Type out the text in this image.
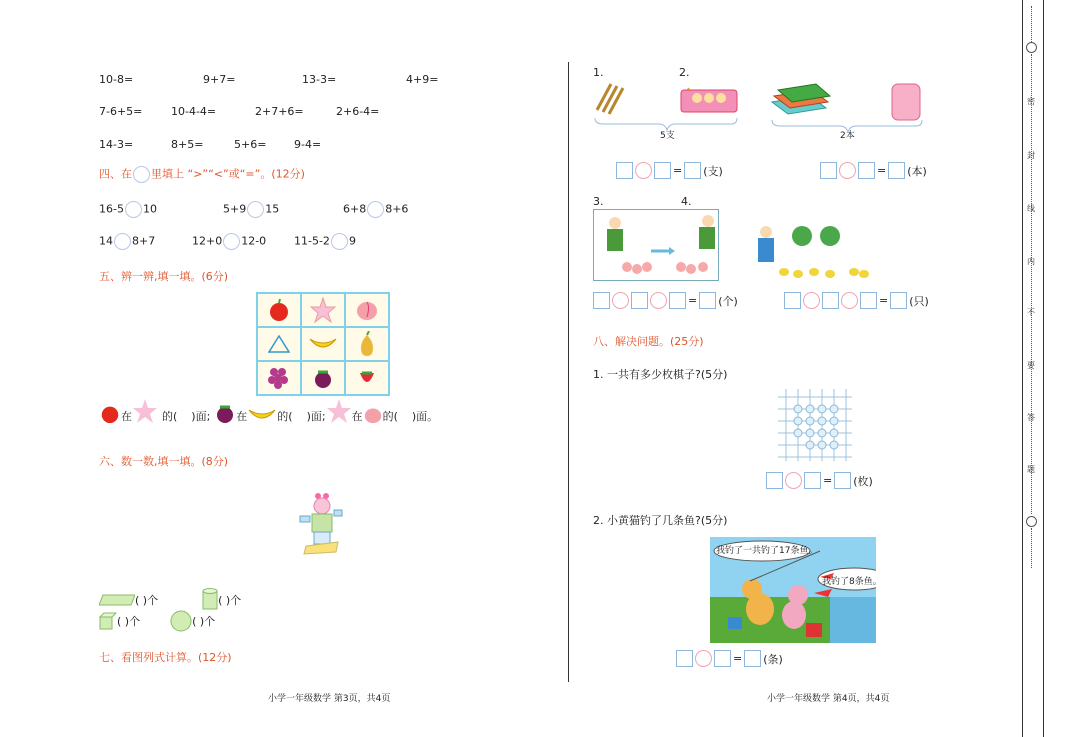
10-8=	9+7=	13-3=	4+9=
7-6+5=	10-4-4=	2+7+6=	2+6-4=
14-3=	8+5=	5+6=	9-4=
四、在 里填上 “>”“<”或“=”。(12分)
16-5 10	5+9 15	6+8 8+6
14 8+7	12+0 12-0	11-5-2 9
五、辨一辨,填一填。(6分)
在	的( )面; 在	的( )面; 在 的( )面。
六、数一数,填一填。(8分)
( )个	( )个
( )个	( )个
七、看图列式计算。(12分)
小学一年级数学 第3页，共4页
1.	2.
5支	2本
= (支)	= (本)
3.	4.
= (个)	= (只)
八、解决问题。(25分)
1. 一共有多少枚棋子?(5分)
= (枚)
2. 小黄猫钓了几条鱼?(5分)
我钓了一共钓了17条鱼。
我钓了8条鱼。
= (条)
小学一年级数学 第4页，共4页
密
封
线
内
不
要
答
题
